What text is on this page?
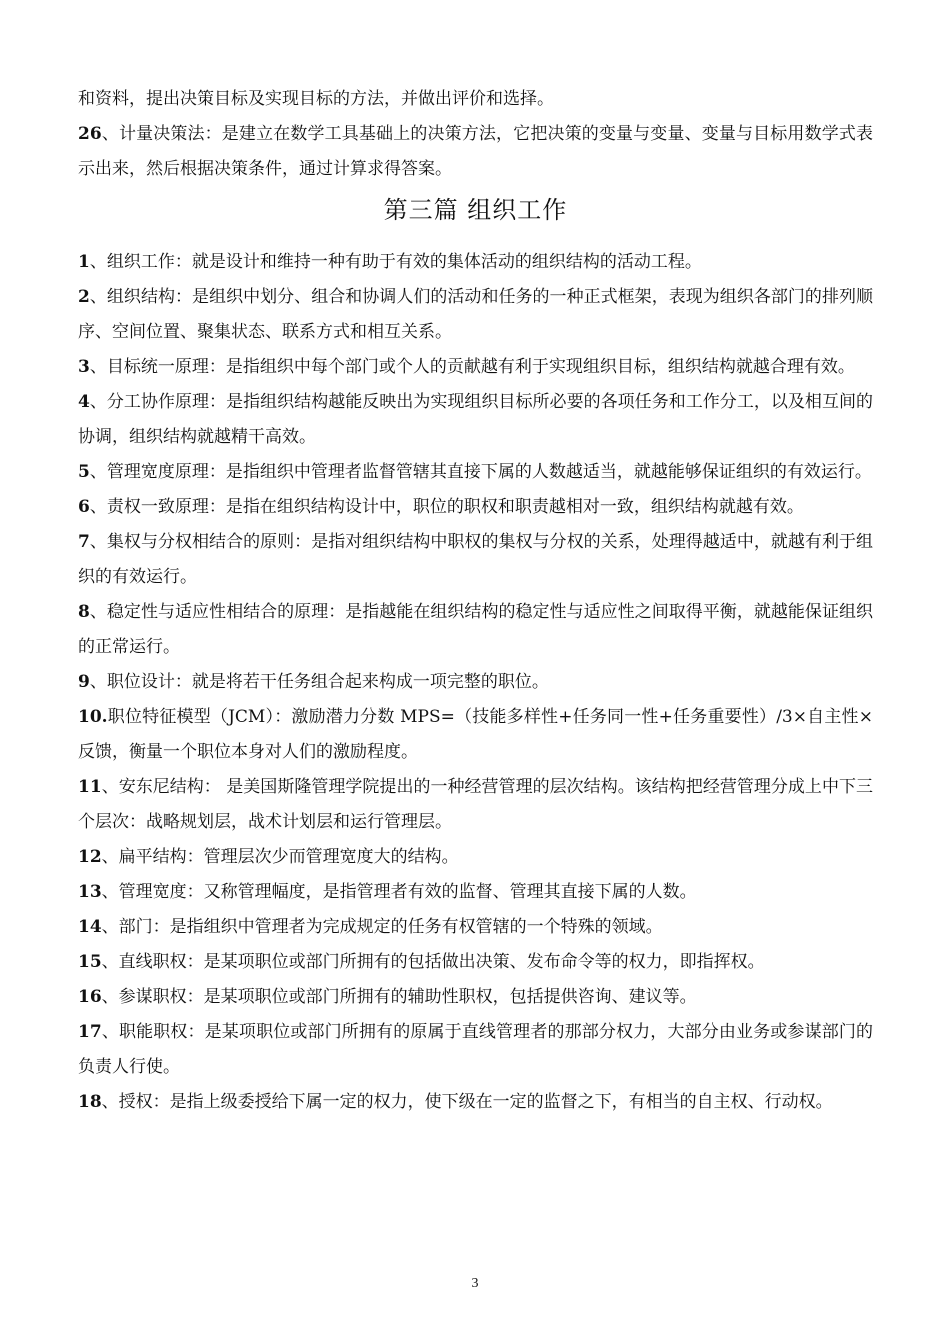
和资料，提出决策目标及实现目标的方法，并做出评价和选择。

26、计量决策法：是建立在数学工具基础上的决策方法，它把决策的变量与变量、变量与目标用数学式表示出来，然后根据决策条件，通过计算求得答案。

第三篇 组织工作

1、组织工作：就是设计和维持一种有助于有效的集体活动的组织结构的活动工程。

2、组织结构：是组织中划分、组合和协调人们的活动和任务的一种正式框架，表现为组织各部门的排列顺序、空间位置、聚集状态、联系方式和相互关系。

3、目标统一原理：是指组织中每个部门或个人的贡献越有利于实现组织目标，组织结构就越合理有效。

4、分工协作原理：是指组织结构越能反映出为实现组织目标所必要的各项任务和工作分工，以及相互间的协调，组织结构就越精干高效。

5、管理宽度原理：是指组织中管理者监督管辖其直接下属的人数越适当，就越能够保证组织的有效运行。

6、责权一致原理：是指在组织结构设计中，职位的职权和职责越相对一致，组织结构就越有效。

7、集权与分权相结合的原则：是指对组织结构中职权的集权与分权的关系，处理得越适中，就越有利于组织的有效运行。

8、稳定性与适应性相结合的原理：是指越能在组织结构的稳定性与适应性之间取得平衡，就越能保证组织的正常运行。

9、职位设计：就是将若干任务组合起来构成一项完整的职位。

10.职位特征模型（JCM）：激励潜力分数 MPS=（技能多样性+任务同一性+任务重要性）/3×自主性×反馈，衡量一个职位本身对人们的激励程度。

11、安东尼结构： 是美国斯隆管理学院提出的一种经营管理的层次结构。该结构把经营管理分成上中下三个层次：战略规划层，战术计划层和运行管理层。

12、扁平结构：管理层次少而管理宽度大的结构。

13、管理宽度：又称管理幅度，是指管理者有效的监督、管理其直接下属的人数。

14、部门：是指组织中管理者为完成规定的任务有权管辖的一个特殊的领域。

15、直线职权：是某项职位或部门所拥有的包括做出决策、发布命令等的权力，即指挥权。

16、参谋职权：是某项职位或部门所拥有的辅助性职权，包括提供咨询、建议等。

17、职能职权：是某项职位或部门所拥有的原属于直线管理者的那部分权力，大部分由业务或参谋部门的负责人行使。

18、授权：是指上级委授给下属一定的权力，使下级在一定的监督之下，有相当的自主权、行动权。

3
